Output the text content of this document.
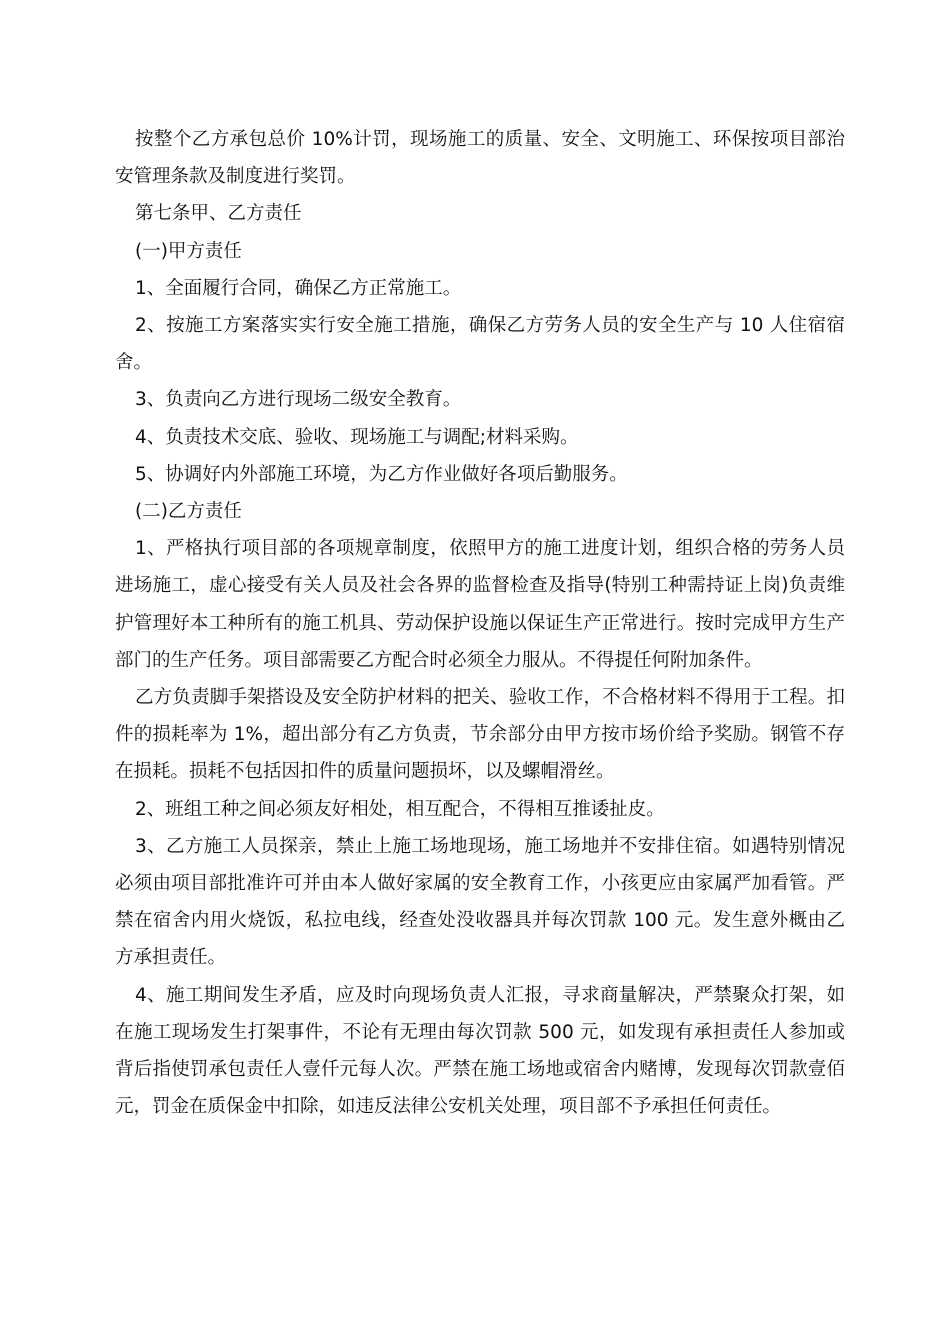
按整个乙方承包总价 10%计罚，现场施工的质量、安全、文明施工、环保按项目部治安管理条款及制度进行奖罚。

第七条甲、乙方责任

(一)甲方责任

1、全面履行合同，确保乙方正常施工。

2、按施工方案落实实行安全施工措施，确保乙方劳务人员的安全生产与 10 人住宿宿舍。

3、负责向乙方进行现场二级安全教育。

4、负责技术交底、验收、现场施工与调配;材料采购。

5、协调好内外部施工环境，为乙方作业做好各项后勤服务。

(二)乙方责任

1、严格执行项目部的各项规章制度，依照甲方的施工进度计划，组织合格的劳务人员进场施工，虚心接受有关人员及社会各界的监督检查及指导(特别工种需持证上岗)负责维护管理好本工种所有的施工机具、劳动保护设施以保证生产正常进行。按时完成甲方生产部门的生产任务。项目部需要乙方配合时必须全力服从。不得提任何附加条件。

乙方负责脚手架搭设及安全防护材料的把关、验收工作，不合格材料不得用于工程。扣件的损耗率为 1%，超出部分有乙方负责，节余部分由甲方按市场价给予奖励。钢管不存在损耗。损耗不包括因扣件的质量问题损坏，以及螺帽滑丝。

2、班组工种之间必须友好相处，相互配合，不得相互推诿扯皮。

3、乙方施工人员探亲，禁止上施工场地现场，施工场地并不安排住宿。如遇特别情况必须由项目部批准许可并由本人做好家属的安全教育工作，小孩更应由家属严加看管。严禁在宿舍内用火烧饭，私拉电线，经查处没收器具并每次罚款 100 元。发生意外概由乙方承担责任。

4、施工期间发生矛盾，应及时向现场负责人汇报，寻求商量解决，严禁聚众打架，如在施工现场发生打架事件，不论有无理由每次罚款 500 元，如发现有承担责任人参加或背后指使罚承包责任人壹仟元每人次。严禁在施工场地或宿舍内赌博，发现每次罚款壹佰元，罚金在质保金中扣除，如违反法律公安机关处理，项目部不予承担任何责任。
